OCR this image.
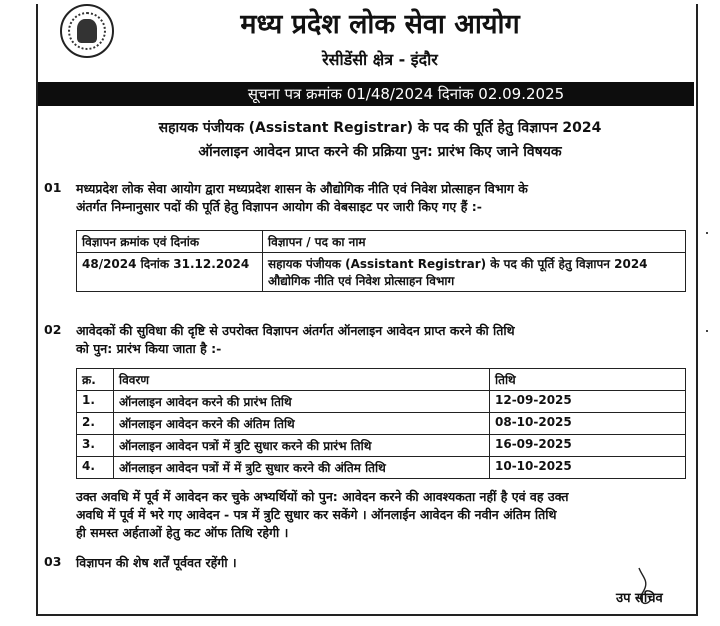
मध्य प्रदेश लोक सेवा आयोग
रेसीडेंसी क्षेत्र - इंदौर
सूचना पत्र क्रमांक 01/48/2024 दिनांक 02.09.2025
सहायक पंजीयक (Assistant Registrar) के पद की पूर्ति हेतु विज्ञापन 2024
ऑनलाइन आवेदन प्राप्त करने की प्रक्रिया पुन: प्रारंभ किए जाने विषयक
01 मध्यप्रदेश लोक सेवा आयोग द्वारा मध्यप्रदेश शासन के औद्योगिक नीति एवं निवेश प्रोत्साहन विभाग के
अंतर्गत निम्नानुसार पदों की पूर्ति हेतु विज्ञापन आयोग की वेबसाइट पर जारी किए गए हैं :-
विज्ञापन क्रमांक एवं दिनांक	विज्ञापन / पद का नाम
48/2024 दिनांक 31.12.2024	सहायक पंजीयक (Assistant Registrar) के पद की पूर्ति हेतु विज्ञापन 2024
औद्योगिक नीति एवं निवेश प्रोत्साहन विभाग
02 आवेदकों की सुविधा की दृष्टि से उपरोक्त विज्ञापन अंतर्गत ऑनलाइन आवेदन प्राप्त करने की तिथि
को पुन: प्रारंभ किया जाता है :-
क्र.	विवरण	तिथि
1.	ऑनलाइन आवेदन करने की प्रारंभ तिथि	12-09-2025
2.	ऑनलाइन आवेदन करने की अंतिम तिथि	08-10-2025
3.	ऑनलाइन आवेदन पत्रों में त्रुटि सुधार करने की प्रारंभ तिथि	16-09-2025
4.	ऑनलाइन आवेदन पत्रों में में त्रुटि सुधार करने की अंतिम तिथि	10-10-2025
उक्त अवधि में पूर्व में आवेदन कर चुके अभ्यर्थियों को पुन: आवेदन करने की आवश्यकता नहीं है एवं वह उक्त
अवधि में पूर्व में भरे गए आवेदन - पत्र में त्रुटि सुधार कर सकेंगे । ऑनलाईन आवेदन की नवीन अंतिम तिथि
ही समस्त अर्हताओं हेतु कट ऑफ तिथि रहेगी ।
03 विज्ञापन की शेष शर्तें पूर्ववत रहेंगी ।
उप सचिव
